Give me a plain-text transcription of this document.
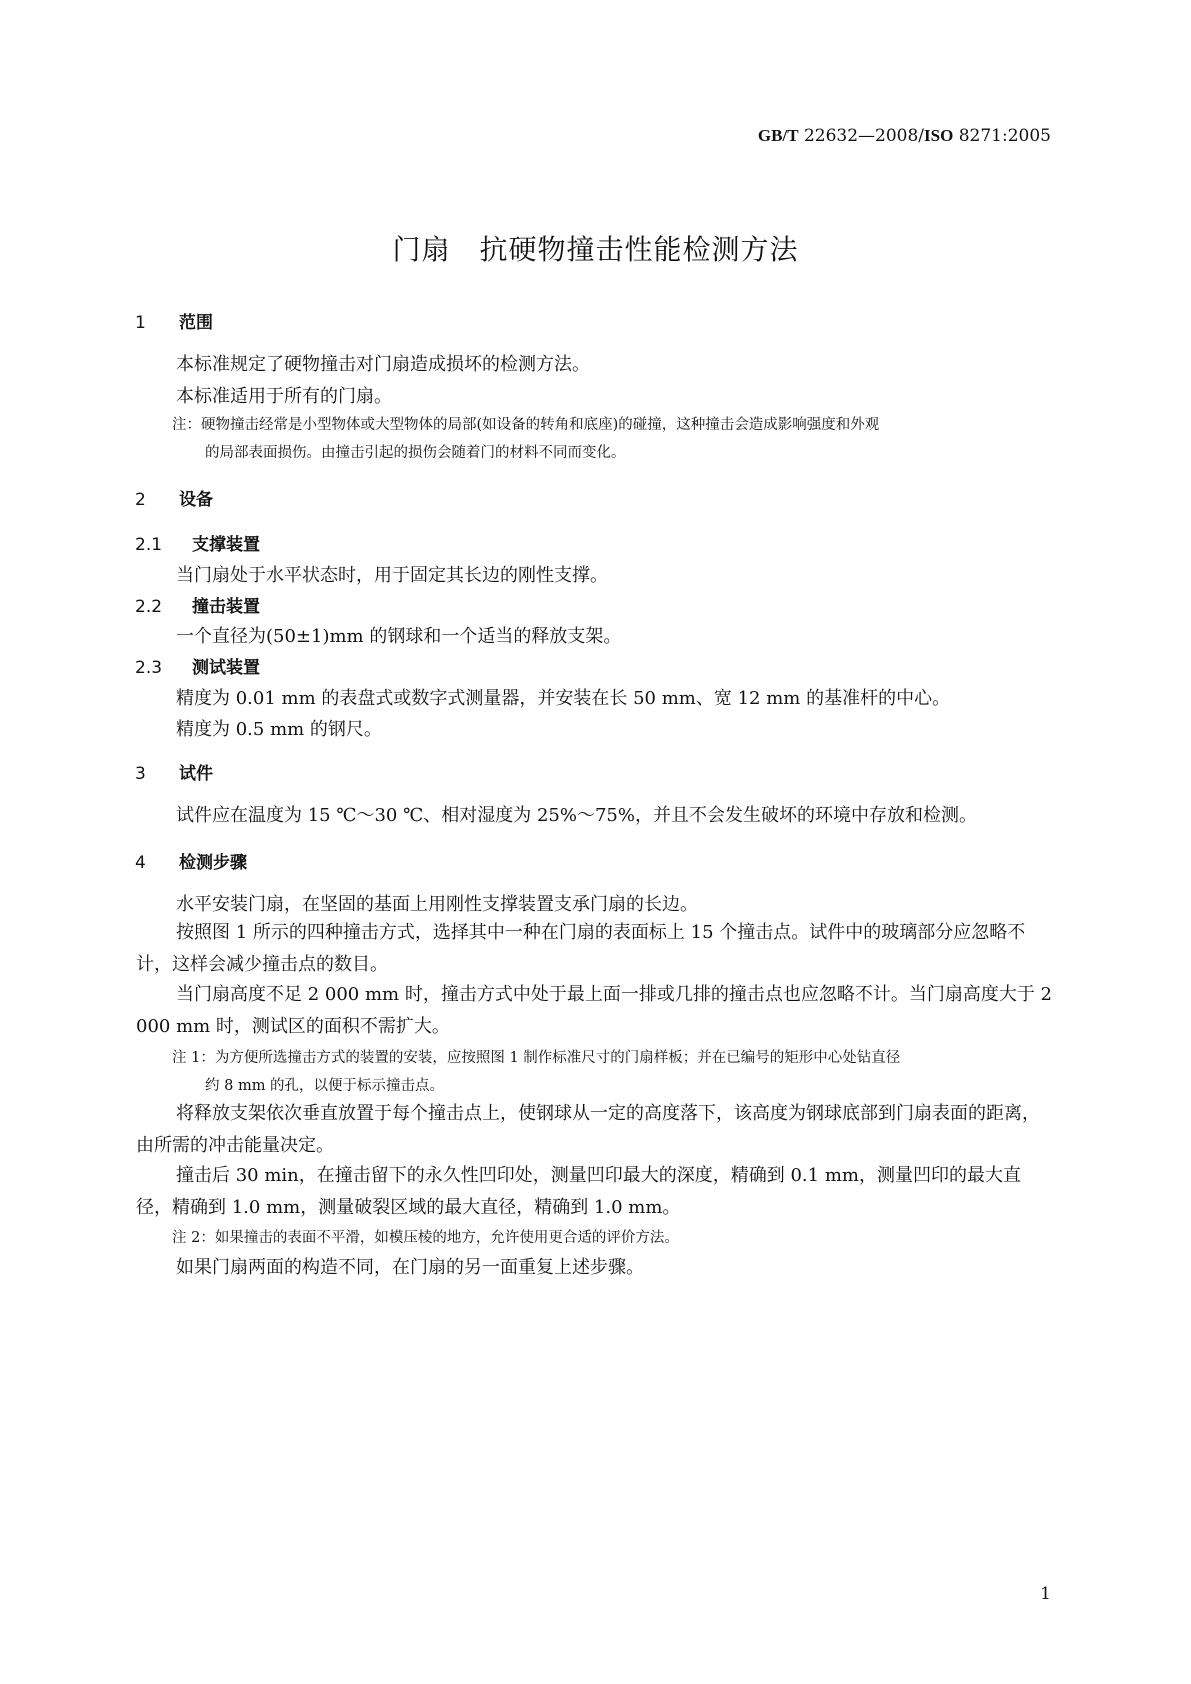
GB/T 22632—2008/ISO 8271:2005
门扇　抗硬物撞击性能检测方法
1 范围
本标准规定了硬物撞击对门扇造成损坏的检测方法。
本标准适用于所有的门扇。
注：硬物撞击经常是小型物体或大型物体的局部(如设备的转角和底座)的碰撞，这种撞击会造成影响强度和外观
的局部表面损伤。由撞击引起的损伤会随着门的材料不同而变化。
2 设备
2.1 支撑装置
当门扇处于水平状态时，用于固定其长边的刚性支撑。
2.2 撞击装置
一个直径为(50±1)mm 的钢球和一个适当的释放支架。
2.3 测试装置
精度为 0.01 mm 的表盘式或数字式测量器，并安装在长 50 mm、宽 12 mm 的基准杆的中心。
精度为 0.5 mm 的钢尺。
3 试件
试件应在温度为 15 ℃～30 ℃、相对湿度为 25%～75%，并且不会发生破坏的环境中存放和检测。
4 检测步骤
水平安装门扇，在坚固的基面上用刚性支撑装置支承门扇的长边。
按照图 1 所示的四种撞击方式，选择其中一种在门扇的表面标上 15 个撞击点。试件中的玻璃部分应忽略不计，这样会减少撞击点的数目。
当门扇高度不足 2 000 mm 时，撞击方式中处于最上面一排或几排的撞击点也应忽略不计。当门扇高度大于 2 000 mm 时，测试区的面积不需扩大。
注 1：为方便所选撞击方式的装置的安装，应按照图 1 制作标准尺寸的门扇样板；并在已编号的矩形中心处钻直径
约 8 mm 的孔，以便于标示撞击点。
将释放支架依次垂直放置于每个撞击点上，使钢球从一定的高度落下，该高度为钢球底部到门扇表面的距离，由所需的冲击能量决定。
撞击后 30 min，在撞击留下的永久性凹印处，测量凹印最大的深度，精确到 0.1 mm，测量凹印的最大直径，精确到 1.0 mm，测量破裂区域的最大直径，精确到 1.0 mm。
注 2：如果撞击的表面不平滑，如模压棱的地方，允许使用更合适的评价方法。
如果门扇两面的构造不同，在门扇的另一面重复上述步骤。
1
